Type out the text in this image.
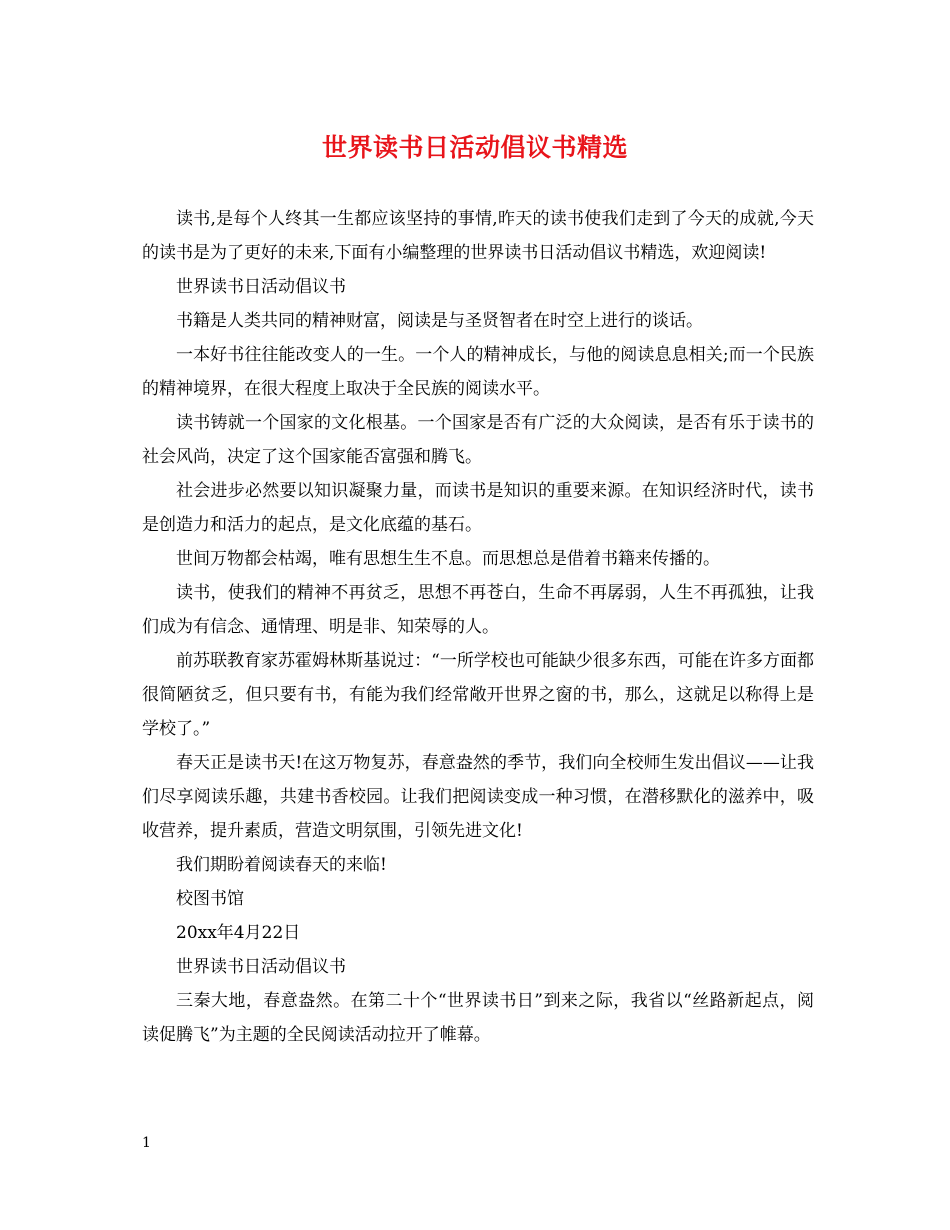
世界读书日活动倡议书精选

读书,是每个人终其一生都应该坚持的事情,昨天的读书使我们走到了今天的成就,今天的读书是为了更好的未来,下面有小编整理的世界读书日活动倡议书精选，欢迎阅读!

世界读书日活动倡议书

书籍是人类共同的精神财富，阅读是与圣贤智者在时空上进行的谈话。

一本好书往往能改变人的一生。一个人的精神成长，与他的阅读息息相关;而一个民族的精神境界，在很大程度上取决于全民族的阅读水平。

读书铸就一个国家的文化根基。一个国家是否有广泛的大众阅读，是否有乐于读书的社会风尚，决定了这个国家能否富强和腾飞。

社会进步必然要以知识凝聚力量，而读书是知识的重要来源。在知识经济时代，读书是创造力和活力的起点，是文化底蕴的基石。

世间万物都会枯竭，唯有思想生生不息。而思想总是借着书籍来传播的。

读书，使我们的精神不再贫乏，思想不再苍白，生命不再孱弱，人生不再孤独，让我们成为有信念、通情理、明是非、知荣辱的人。

前苏联教育家苏霍姆林斯基说过：“一所学校也可能缺少很多东西，可能在许多方面都很简陋贫乏，但只要有书，有能为我们经常敞开世界之窗的书，那么，这就足以称得上是学校了。”

春天正是读书天!在这万物复苏，春意盎然的季节，我们向全校师生发出倡议——让我们尽享阅读乐趣，共建书香校园。让我们把阅读变成一种习惯，在潜移默化的滋养中，吸收营养，提升素质，营造文明氛围，引领先进文化!

我们期盼着阅读春天的来临!

校图书馆

20xx年4月22日

世界读书日活动倡议书

三秦大地，春意盎然。在第二十个“世界读书日”到来之际，我省以“丝路新起点，阅读促腾飞”为主题的全民阅读活动拉开了帷幕。

1
